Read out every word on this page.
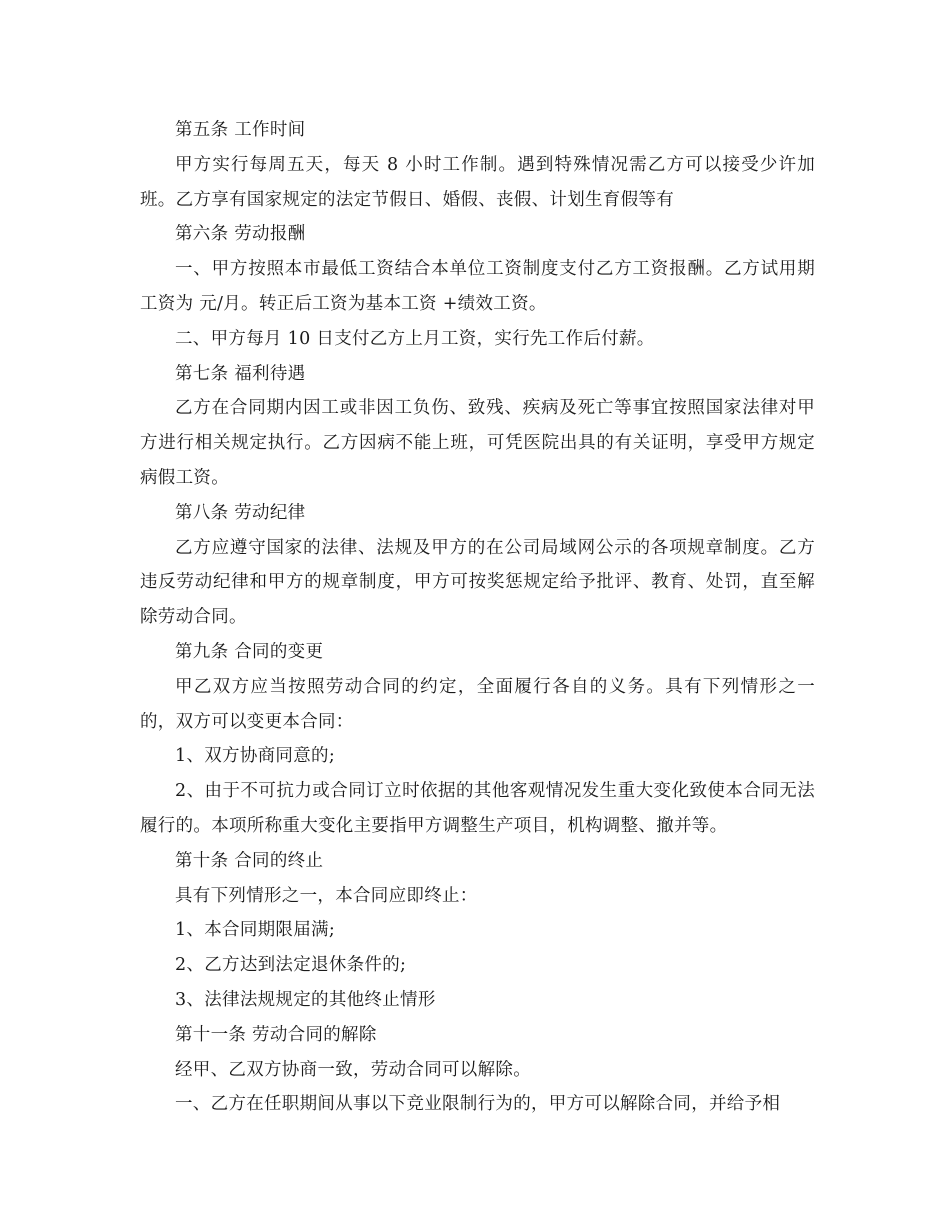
第五条 工作时间

甲方实行每周五天，每天 8 小时工作制。遇到特殊情况需乙方可以接受少许加班。乙方享有国家规定的法定节假日、婚假、丧假、计划生育假等有

第六条 劳动报酬

一、甲方按照本市最低工资结合本单位工资制度支付乙方工资报酬。乙方试用期工资为 元/月。转正后工资为基本工资 +绩效工资。

二、甲方每月 10 日支付乙方上月工资，实行先工作后付薪。

第七条 福利待遇

乙方在合同期内因工或非因工负伤、致残、疾病及死亡等事宜按照国家法律对甲方进行相关规定执行。乙方因病不能上班，可凭医院出具的有关证明，享受甲方规定病假工资。

第八条 劳动纪律

乙方应遵守国家的法律、法规及甲方的在公司局域网公示的各项规章制度。乙方违反劳动纪律和甲方的规章制度，甲方可按奖惩规定给予批评、教育、处罚，直至解除劳动合同。

第九条 合同的变更

甲乙双方应当按照劳动合同的约定，全面履行各自的义务。具有下列情形之一的，双方可以变更本合同：

1、双方协商同意的;

2、由于不可抗力或合同订立时依据的其他客观情况发生重大变化致使本合同无法履行的。本项所称重大变化主要指甲方调整生产项目，机构调整、撤并等。

第十条 合同的终止

具有下列情形之一，本合同应即终止：

1、本合同期限届满;

2、乙方达到法定退休条件的;

3、法律法规规定的其他终止情形

第十一条 劳动合同的解除

经甲、乙双方协商一致，劳动合同可以解除。

一、乙方在任职期间从事以下竞业限制行为的，甲方可以解除合同，并给予相
